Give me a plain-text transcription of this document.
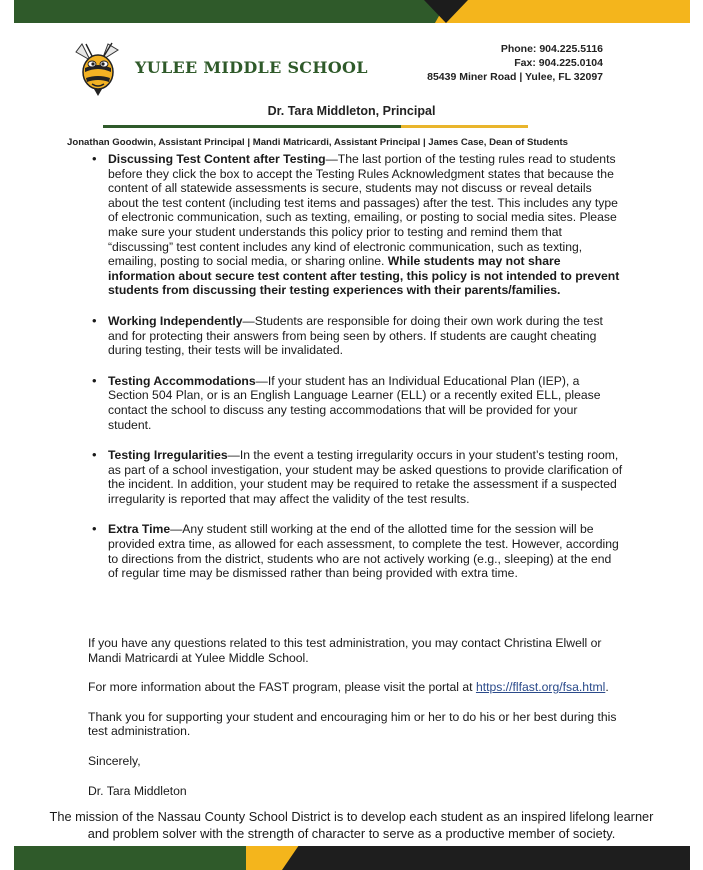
YULEE MIDDLE SCHOOL
Phone: 904.225.5116
Fax: 904.225.0104
85439 Miner Road | Yulee, FL 32097
Dr. Tara Middleton, Principal
Jonathan Goodwin, Assistant Principal | Mandi Matricardi, Assistant Principal | James Case, Dean of Students
• Discussing Test Content after Testing—The last portion of the testing rules read to students before they click the box to accept the Testing Rules Acknowledgment states that because the content of all statewide assessments is secure, students may not discuss or reveal details about the test content (including test items and passages) after the test. This includes any type of electronic communication, such as texting, emailing, or posting to social media sites. Please make sure your student understands this policy prior to testing and remind them that “discussing” test content includes any kind of electronic communication, such as texting, emailing, posting to social media, or sharing online. While students may not share information about secure test content after testing, this policy is not intended to prevent students from discussing their testing experiences with their parents/families.
• Working Independently—Students are responsible for doing their own work during the test and for protecting their answers from being seen by others. If students are caught cheating during testing, their tests will be invalidated.
• Testing Accommodations—If your student has an Individual Educational Plan (IEP), a Section 504 Plan, or is an English Language Learner (ELL) or a recently exited ELL, please contact the school to discuss any testing accommodations that will be provided for your student.
• Testing Irregularities—In the event a testing irregularity occurs in your student’s testing room, as part of a school investigation, your student may be asked questions to provide clarification of the incident. In addition, your student may be required to retake the assessment if a suspected irregularity is reported that may affect the validity of the test results.
• Extra Time—Any student still working at the end of the allotted time for the session will be provided extra time, as allowed for each assessment, to complete the test. However, according to directions from the district, students who are not actively working (e.g., sleeping) at the end of regular time may be dismissed rather than being provided with extra time.

If you have any questions related to this test administration, you may contact Christina Elwell or Mandi Matricardi at Yulee Middle School.

For more information about the FAST program, please visit the portal at https://flfast.org/fsa.html.

Thank you for supporting your student and encouraging him or her to do his or her best during this test administration.

Sincerely,

Dr. Tara Middleton

The mission of the Nassau County School District is to develop each student as an inspired lifelong learner
and problem solver with the strength of character to serve as a productive member of society.
